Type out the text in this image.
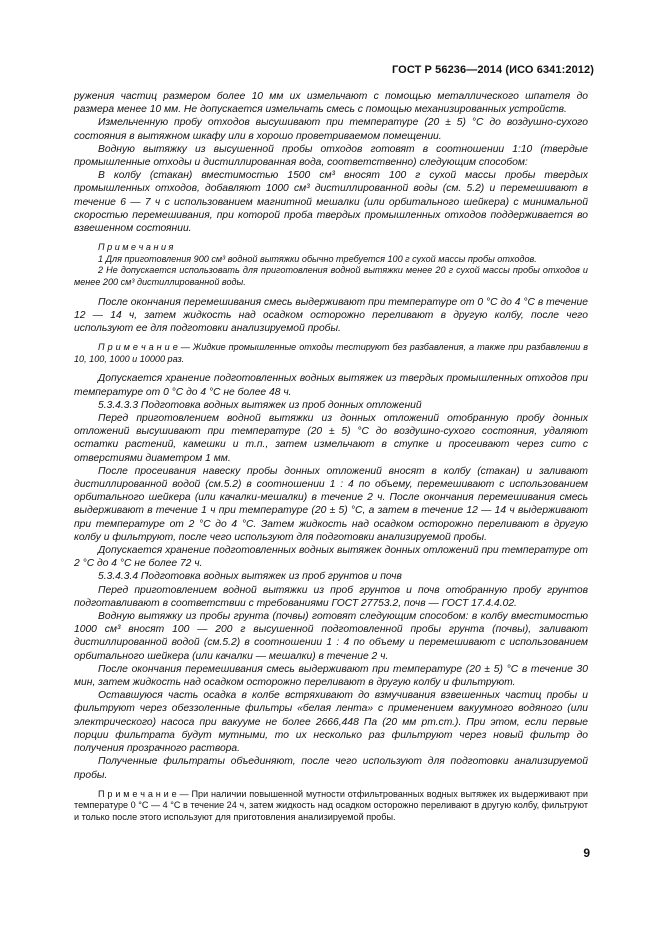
ГОСТ Р 56236—2014 (ИСО 6341:2012)

ружения частиц размером более 10 мм их измельчают с помощью металлического шпателя до размера менее 10 мм. Не допускается измельчать смесь с помощью механизированных устройств.

Измельченную пробу отходов высушивают при температуре (20 ± 5) °С до воздушно-сухого состояния в вытяжном шкафу или в хорошо проветриваемом помещении.

Водную вытяжку из высушенной пробы отходов готовят в соотношении 1:10 (твердые промышленные отходы и дистиллированная вода, соответственно) следующим способом:

В колбу (стакан) вместимостью 1500 см³ вносят 100 г сухой массы пробы твердых промышленных отходов, добавляют 1000 см³ дистиллированной воды (см. 5.2) и перемешивают в течение 6 — 7 ч с использованием магнитной мешалки (или орбитального шейкера) с минимальной скоростью перемешивания, при которой проба твердых промышленных отходов поддерживается во взвешенном состоянии.

П р и м е ч а н и я

1 Для приготовления 900 см³ водной вытяжки обычно требуется 100 г сухой массы пробы отходов.

2 Не допускается использовать для приготовления водной вытяжки менее 20 г сухой массы пробы отходов и менее 200 см³ дистиллированной воды.

После окончания перемешивания смесь выдерживают при температуре от 0 °С до 4 °С в течение 12 — 14 ч, затем жидкость над осадком осторожно переливают в другую колбу, после чего используют ее для подготовки анализируемой пробы.

П р и м е ч а н и е — Жидкие промышленные отходы тестируют без разбавления, а также при разбавлении в 10, 100, 1000 и 10000 раз.

Допускается хранение подготовленных водных вытяжек из твердых промышленных отходов при температуре от 0 °С до 4 °С не более 48 ч.

5.3.4.3.3 Подготовка водных вытяжек из проб донных отложений

Перед приготовлением водной вытяжки из донных отложений отобранную пробу донных отложений высушивают при температуре (20 ± 5) °С до воздушно-сухого состояния, удаляют остатки растений, камешки и т.п., затем измельчают в ступке и просеивают через сито с отверстиями диаметром 1 мм.

После просеивания навеску пробы донных отложений вносят в колбу (стакан) и заливают дистиллированной водой (см.5.2) в соотношении 1 : 4 по объему, перемешивают с использованием орбитального шейкера (или качалки-мешалки) в течение 2 ч. После окончания перемешивания смесь выдерживают в течение 1 ч при температуре (20 ± 5) °С, а затем в течение 12 — 14 ч выдерживают при температуре от 2 °С до 4 °С. Затем жидкость над осадком осторожно переливают в другую колбу и фильтруют, после чего используют для подготовки анализируемой пробы.

Допускается хранение подготовленных водных вытяжек донных отложений при температуре от 2 °С до 4 °С не более 72 ч.

5.3.4.3.4 Подготовка водных вытяжек из проб грунтов и почв

Перед приготовлением водной вытяжки из проб грунтов и почв отобранную пробу грунтов подготавливают в соответствии с требованиями ГОСТ 27753.2, почв — ГОСТ 17.4.4.02.

Водную вытяжку из пробы грунта (почвы) готовят следующим способом: в колбу вместимостью 1000 см³ вносят 100 — 200 г высушенной подготовленной пробы грунта (почвы), заливают дистиллированной водой (см.5.2) в соотношении 1 : 4 по объему и перемешивают с использованием орбитального шейкера (или качалки — мешалки) в течение 2 ч.

После окончания перемешивания смесь выдерживают при температуре (20 ± 5) °С в течение 30 мин, затем жидкость над осадком осторожно переливают в другую колбу и фильтруют.

Оставшуюся часть осадка в колбе встряхивают до взмучивания взвешенных частиц пробы и фильтруют через обеззоленные фильтры «белая лента» с применением вакуумного водяного (или электрического) насоса при вакууме не более 2666,448 Па (20 мм рт.ст.). При этом, если первые порции фильтрата будут мутными, то их несколько раз фильтруют через новый фильтр до получения прозрачного раствора.

Полученные фильтраты объединяют, после чего используют для подготовки анализируемой пробы.

П р и м е ч а н и е — При наличии повышенной мутности отфильтрованных водных вытяжек их выдерживают при температуре 0 °С — 4 °С в течение 24 ч, затем жидкость над осадком осторожно переливают в другую колбу, фильтруют и только после этого используют для приготовления анализируемой пробы.

9
